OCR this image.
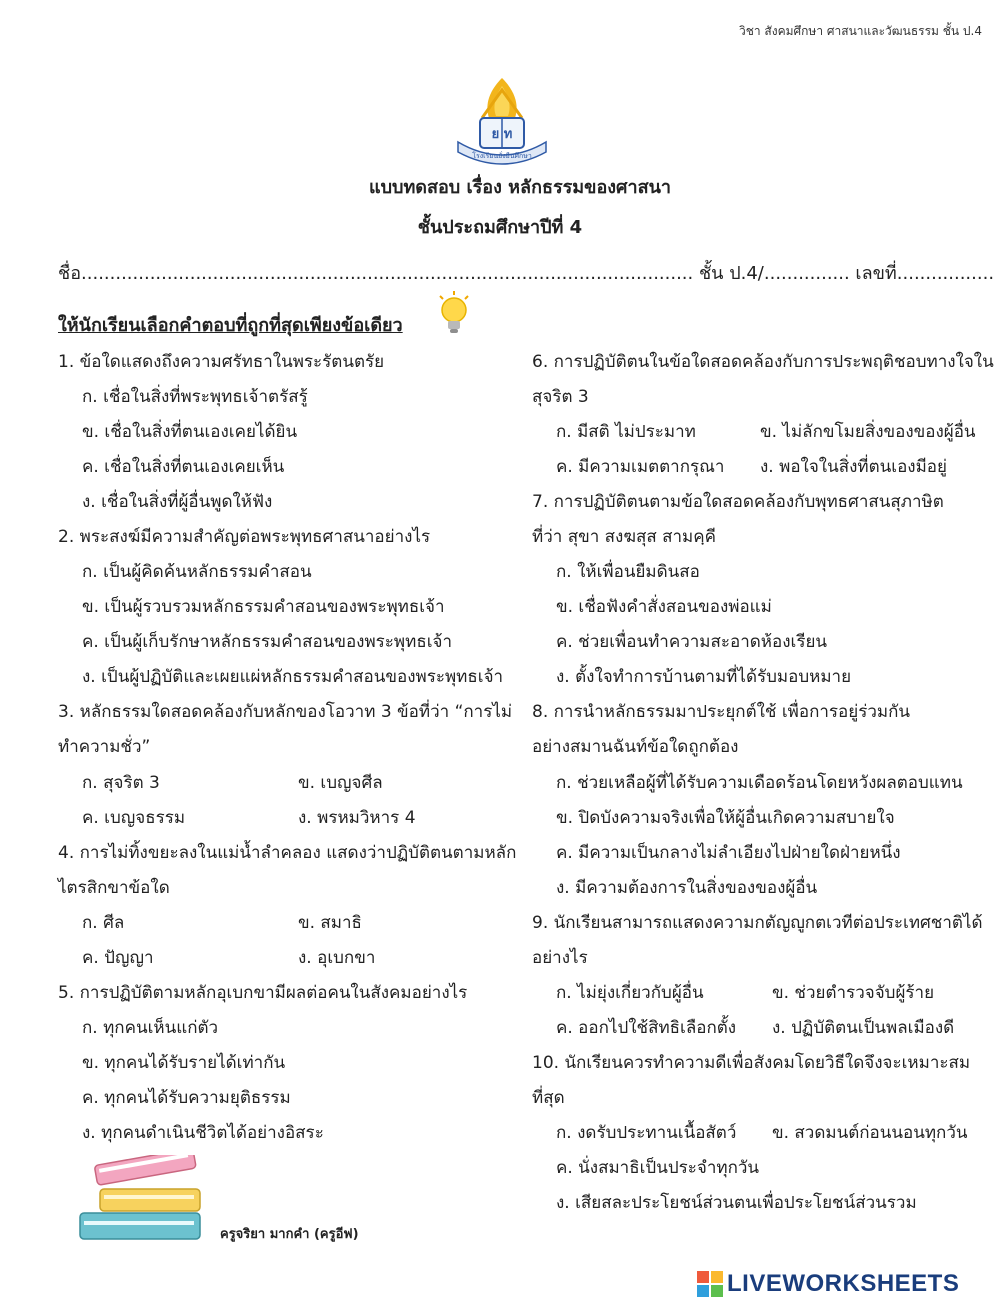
วิชา สังคมศึกษา ศาสนาและวัฒนธรรม ชั้น ป.4
ย ท
โรงเรียนยั่งยืนศึกษา
แบบทดสอบ เรื่อง หลักธรรมของศาสนา
ชั้นประถมศึกษาปีที่ 4
ชื่อ........................................................................................................... ชั้น ป.4/............... เลขที่.................
ให้นักเรียนเลือกคำตอบที่ถูกที่สุดเพียงข้อเดียว
1. ข้อใดแสดงถึงความศรัทธาในพระรัตนตรัย
ก. เชื่อในสิ่งที่พระพุทธเจ้าตรัสรู้
ข. เชื่อในสิ่งที่ตนเองเคยได้ยิน
ค. เชื่อในสิ่งที่ตนเองเคยเห็น
ง. เชื่อในสิ่งที่ผู้อื่นพูดให้ฟัง
2. พระสงฆ์มีความสำคัญต่อพระพุทธศาสนาอย่างไร
ก. เป็นผู้คิดค้นหลักธรรมคำสอน
ข. เป็นผู้รวบรวมหลักธรรมคำสอนของพระพุทธเจ้า
ค. เป็นผู้เก็บรักษาหลักธรรมคำสอนของพระพุทธเจ้า
ง. เป็นผู้ปฏิบัติและเผยแผ่หลักธรรมคำสอนของพระพุทธเจ้า
3. หลักธรรมใดสอดคล้องกับหลักของโอวาท 3 ข้อที่ว่า “การไม่
ทำความชั่ว”
ก. สุจริต 3	ข. เบญจศีล
ค. เบญจธรรม	ง. พรหมวิหาร 4
4. การไม่ทิ้งขยะลงในแม่น้ำลำคลอง แสดงว่าปฏิบัติตนตามหลัก
ไตรสิกขาข้อใด
ก. ศีล	ข. สมาธิ
ค. ปัญญา	ง. อุเบกขา
5. การปฏิบัติตามหลักอุเบกขามีผลต่อคนในสังคมอย่างไร
ก. ทุกคนเห็นแก่ตัว
ข. ทุกคนได้รับรายได้เท่ากัน
ค. ทุกคนได้รับความยุติธรรม
ง. ทุกคนดำเนินชีวิตได้อย่างอิสระ
6. การปฏิบัติตนในข้อใดสอดคล้องกับการประพฤติชอบทางใจใน
สุจริต 3
ก. มีสติ ไม่ประมาท	ข. ไม่ลักขโมยสิ่งของของผู้อื่น
ค. มีความเมตตากรุณา ง. พอใจในสิ่งที่ตนเองมีอยู่
7. การปฏิบัติตนตามข้อใดสอดคล้องกับพุทธศาสนสุภาษิต
ที่ว่า สุขา สงฆสุส สามคฺคี
ก. ให้เพื่อนยืมดินสอ
ข. เชื่อฟังคำสั่งสอนของพ่อแม่
ค. ช่วยเพื่อนทำความสะอาดห้องเรียน
ง. ตั้งใจทำการบ้านตามที่ได้รับมอบหมาย
8. การนำหลักธรรมมาประยุกต์ใช้ เพื่อการอยู่ร่วมกัน
อย่างสมานฉันท์ข้อใดถูกต้อง
ก. ช่วยเหลือผู้ที่ได้รับความเดือดร้อนโดยหวังผลตอบแทน
ข. ปิดบังความจริงเพื่อให้ผู้อื่นเกิดความสบายใจ
ค. มีความเป็นกลางไม่ลำเอียงไปฝ่ายใดฝ่ายหนึ่ง
ง. มีความต้องการในสิ่งของของผู้อื่น
9. นักเรียนสามารถแสดงความกตัญญูกตเวทีต่อประเทศชาติได้
อย่างไร
ก. ไม่ยุ่งเกี่ยวกับผู้อื่น	ข. ช่วยตำรวจจับผู้ร้าย
ค. ออกไปใช้สิทธิเลือกตั้ง ง. ปฏิบัติตนเป็นพลเมืองดี
10. นักเรียนควรทำความดีเพื่อสังคมโดยวิธีใดจึงจะเหมาะสม
ที่สุด
ก. งดรับประทานเนื้อสัตว์ ข. สวดมนต์ก่อนนอนทุกวัน
ค. นั่งสมาธิเป็นประจำทุกวัน
ง. เสียสละประโยชน์ส่วนตนเพื่อประโยชน์ส่วนรวม
ครูจริยา มากคำ (ครูอีฟ)
LIVEWORKSHEETS
